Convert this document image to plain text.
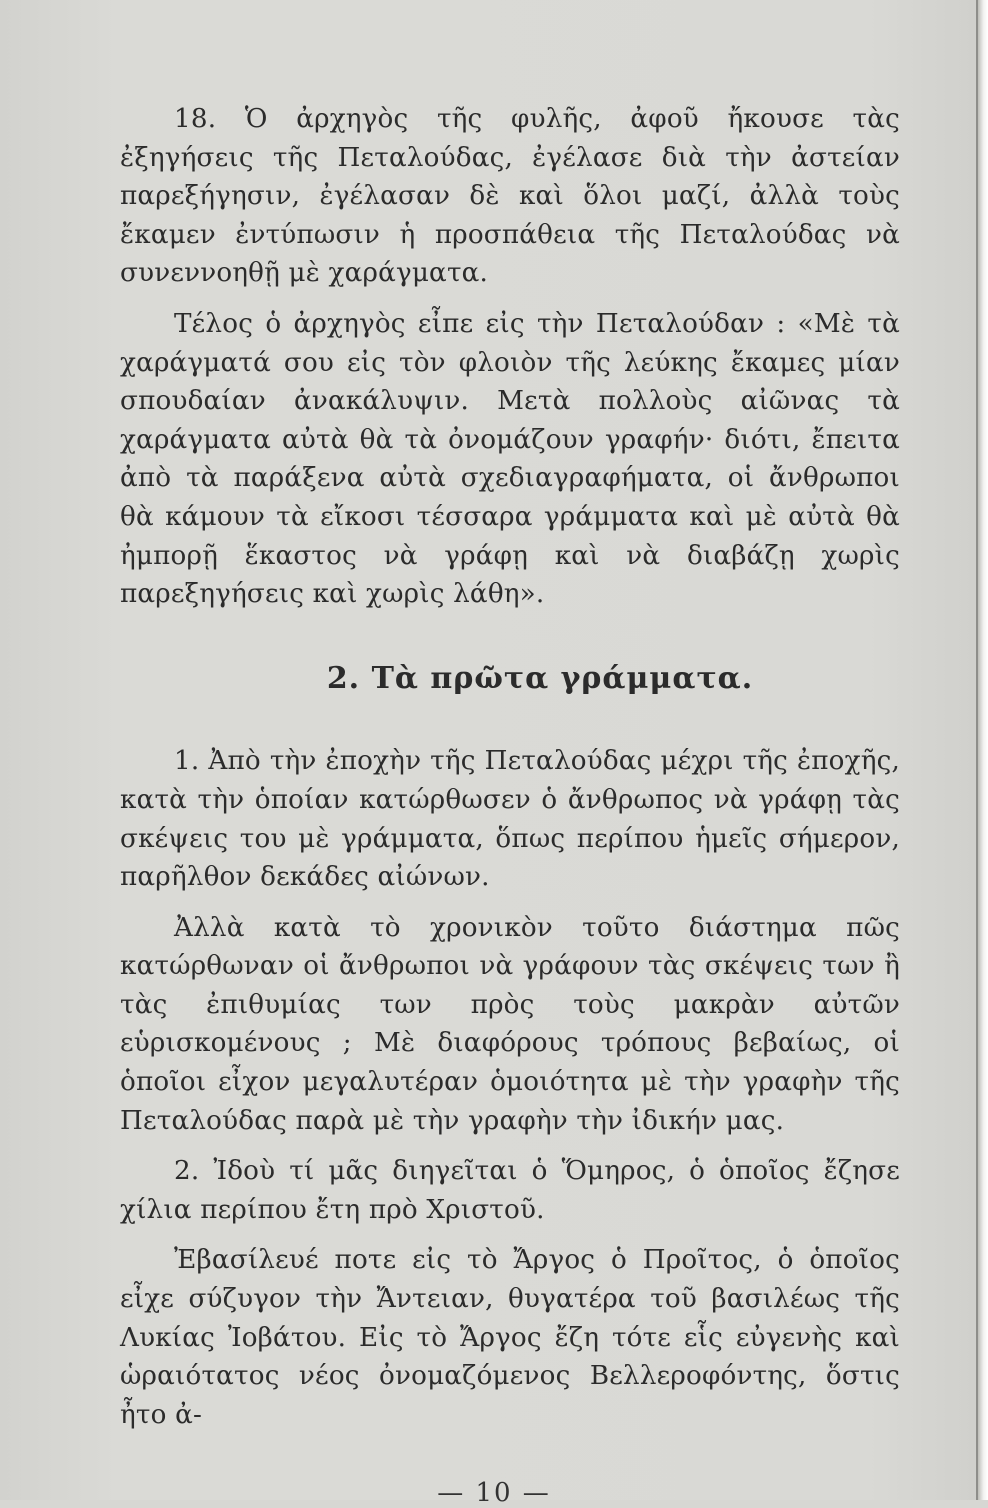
18. Ὁ ἀρχηγὸς τῆς φυλῆς, ἀφοῦ ἤκουσε τὰς ἐξηγήσεις τῆς Πεταλούδας, ἐγέλασε διὰ τὴν ἀστείαν παρεξήγησιν, ἐγέλασαν δὲ καὶ ὅλοι μαζί, ἀλλὰ τοὺς ἔκαμεν ἐντύπωσιν ἡ προσπάθεια τῆς Πεταλούδας νὰ συνεννοηθῇ μὲ χαράγματα.

Τέλος ὁ ἀρχηγὸς εἶπε εἰς τὴν Πεταλούδαν : «Μὲ τὰ χαράγματά σου εἰς τὸν φλοιὸν τῆς λεύκης ἔκαμες μίαν σπουδαίαν ἀνακάλυψιν. Μετὰ πολλοὺς αἰῶνας τὰ χαράγματα αὐτὰ θὰ τὰ ὀνομάζουν γραφήν· διότι, ἔπειτα ἀπὸ τὰ παράξενα αὐτὰ σχεδιαγραφήματα, οἱ ἄνθρωποι θὰ κάμουν τὰ εἴκοσι τέσσαρα γράμματα καὶ μὲ αὐτὰ θὰ ἠμπορῇ ἕκαστος νὰ γράφῃ καὶ νὰ διαβάζῃ χωρὶς παρεξηγήσεις καὶ χωρὶς λάθη».

2. Τὰ πρῶτα γράμματα.

1. Ἀπὸ τὴν ἐποχὴν τῆς Πεταλούδας μέχρι τῆς ἐποχῆς, κατὰ τὴν ὁποίαν κατώρθωσεν ὁ ἄνθρωπος νὰ γράφῃ τὰς σκέψεις του μὲ γράμματα, ὅπως περίπου ἡμεῖς σήμερον, παρῆλθον δεκάδες αἰώνων.

Ἀλλὰ κατὰ τὸ χρονικὸν τοῦτο διάστημα πῶς κατώρθωναν οἱ ἄνθρωποι νὰ γράφουν τὰς σκέψεις των ἢ τὰς ἐπιθυμίας των πρὸς τοὺς μακρὰν αὐτῶν εὑρισκομένους ; Μὲ διαφόρους τρόπους βεβαίως, οἱ ὁποῖοι εἶχον μεγαλυτέραν ὁμοιότητα μὲ τὴν γραφὴν τῆς Πεταλούδας παρὰ μὲ τὴν γραφὴν τὴν ἰδικήν μας.

2. Ἰδοὺ τί μᾶς διηγεῖται ὁ Ὅμηρος, ὁ ὁποῖος ἔζησε χίλια περίπου ἔτη πρὸ Χριστοῦ.

Ἐβασίλευέ ποτε εἰς τὸ Ἄργος ὁ Προῖτος, ὁ ὁποῖος εἶχε σύζυγον τὴν Ἄντειαν, θυγατέρα τοῦ βασιλέως τῆς Λυκίας Ἰοβάτου. Εἰς τὸ Ἄργος ἔζη τότε εἷς εὐγενὴς καὶ ὡραιότατος νέος ὀνομαζόμενος Βελλεροφόντης, ὅστις ἦτο ἀ-

— 10 —
